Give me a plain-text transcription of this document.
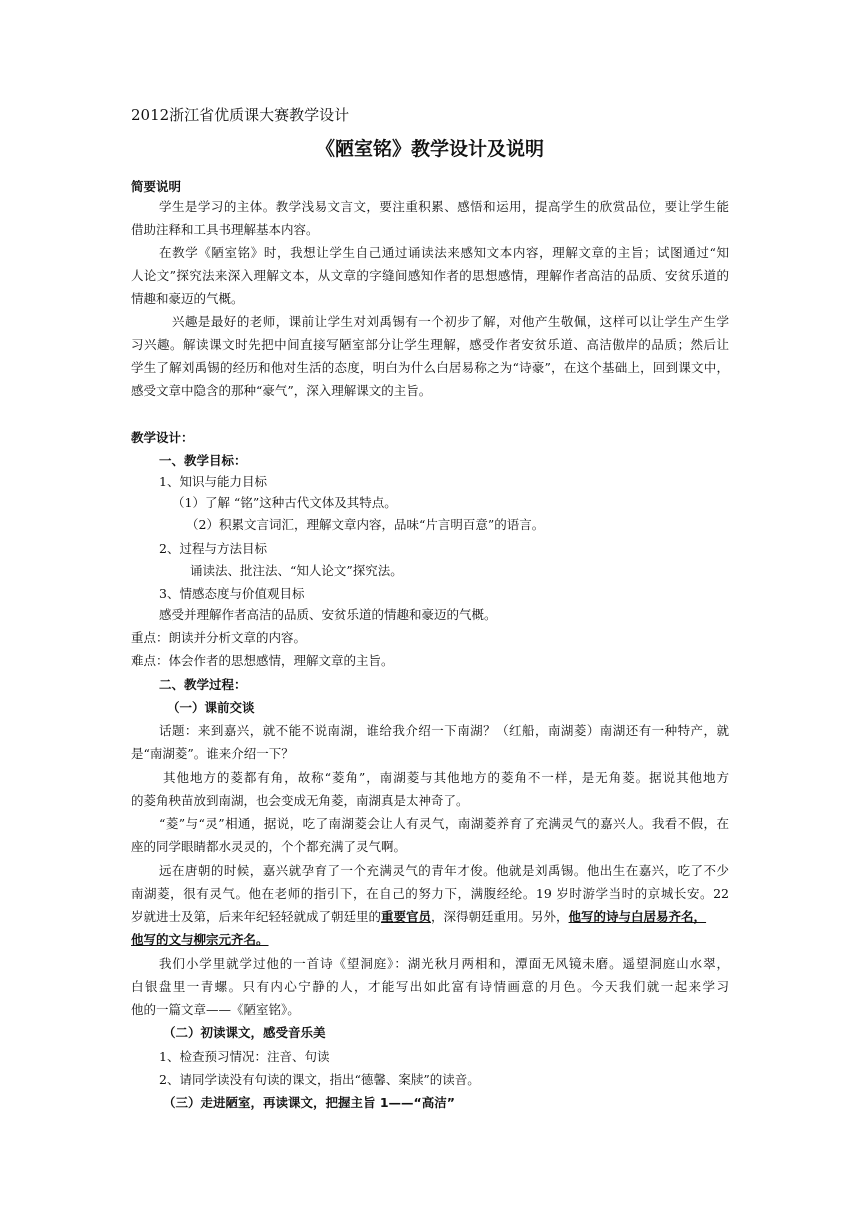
2012浙江省优质课大赛教学设计
《陋室铭》教学设计及说明
简要说明
学生是学习的主体。教学浅易文言文，要注重积累、感悟和运用，提高学生的欣赏品位，要让学生能
借助注释和工具书理解基本内容。
在教学《陋室铭》时，我想让学生自己通过诵读法来感知文本内容，理解文章的主旨；试图通过“知
人论文”探究法来深入理解文本，从文章的字缝间感知作者的思想感情，理解作者高洁的品质、安贫乐道的
情趣和豪迈的气概。
兴趣是最好的老师，课前让学生对刘禹锡有一个初步了解，对他产生敬佩，这样可以让学生产生学
习兴趣。解读课文时先把中间直接写陋室部分让学生理解，感受作者安贫乐道、高洁傲岸的品质；然后让
学生了解刘禹锡的经历和他对生活的态度，明白为什么白居易称之为“诗豪”，在这个基础上，回到课文中，
感受文章中隐含的那种“豪气”，深入理解课文的主旨。
教学设计：
一、教学目标：
1、知识与能力目标
（1）了解 “铭”这种古代文体及其特点。
（2）积累文言词汇，理解文章内容，品味“片言明百意”的语言。
2、过程与方法目标
诵读法、批注法、“知人论文”探究法。
3、情感态度与价值观目标
感受并理解作者高洁的品质、安贫乐道的情趣和豪迈的气概。
重点：朗读并分析文章的内容。
难点：体会作者的思想感情，理解文章的主旨。
二、教学过程：
（一）课前交谈
话题：来到嘉兴，就不能不说南湖，谁给我介绍一下南湖？（红船，南湖菱）南湖还有一种特产，就
是“南湖菱”。谁来介绍一下？
其他地方的菱都有角，故称“菱角”，南湖菱与其他地方的菱角不一样，是无角菱。据说其他地方
的菱角秧苗放到南湖，也会变成无角菱，南湖真是太神奇了。
“菱”与“灵”相通，据说，吃了南湖菱会让人有灵气，南湖菱养育了充满灵气的嘉兴人。我看不假，在
座的同学眼睛都水灵灵的，个个都充满了灵气啊。
远在唐朝的时候，嘉兴就孕育了一个充满灵气的青年才俊。他就是刘禹锡。他出生在嘉兴，吃了不少
南湖菱，很有灵气。他在老师的指引下，在自己的努力下，满腹经纶。19 岁时游学当时的京城长安。22
岁就进士及第，后来年纪轻轻就成了朝廷里的重要官员，深得朝廷重用。另外，他写的诗与白居易齐名，
他写的文与柳宗元齐名。
我们小学里就学过他的一首诗《望洞庭》：湖光秋月两相和，潭面无风镜未磨。遥望洞庭山水翠，
白银盘里一青螺。只有内心宁静的人，才能写出如此富有诗情画意的月色。今天我们就一起来学习
他的一篇文章——《陋室铭》。
（二）初读课文，感受音乐美
1、检查预习情况：注音、句读
2、请同学读没有句读的课文，指出“德馨、案牍”的读音。
（三）走进陋室，再读课文，把握主旨 1——“高洁”
